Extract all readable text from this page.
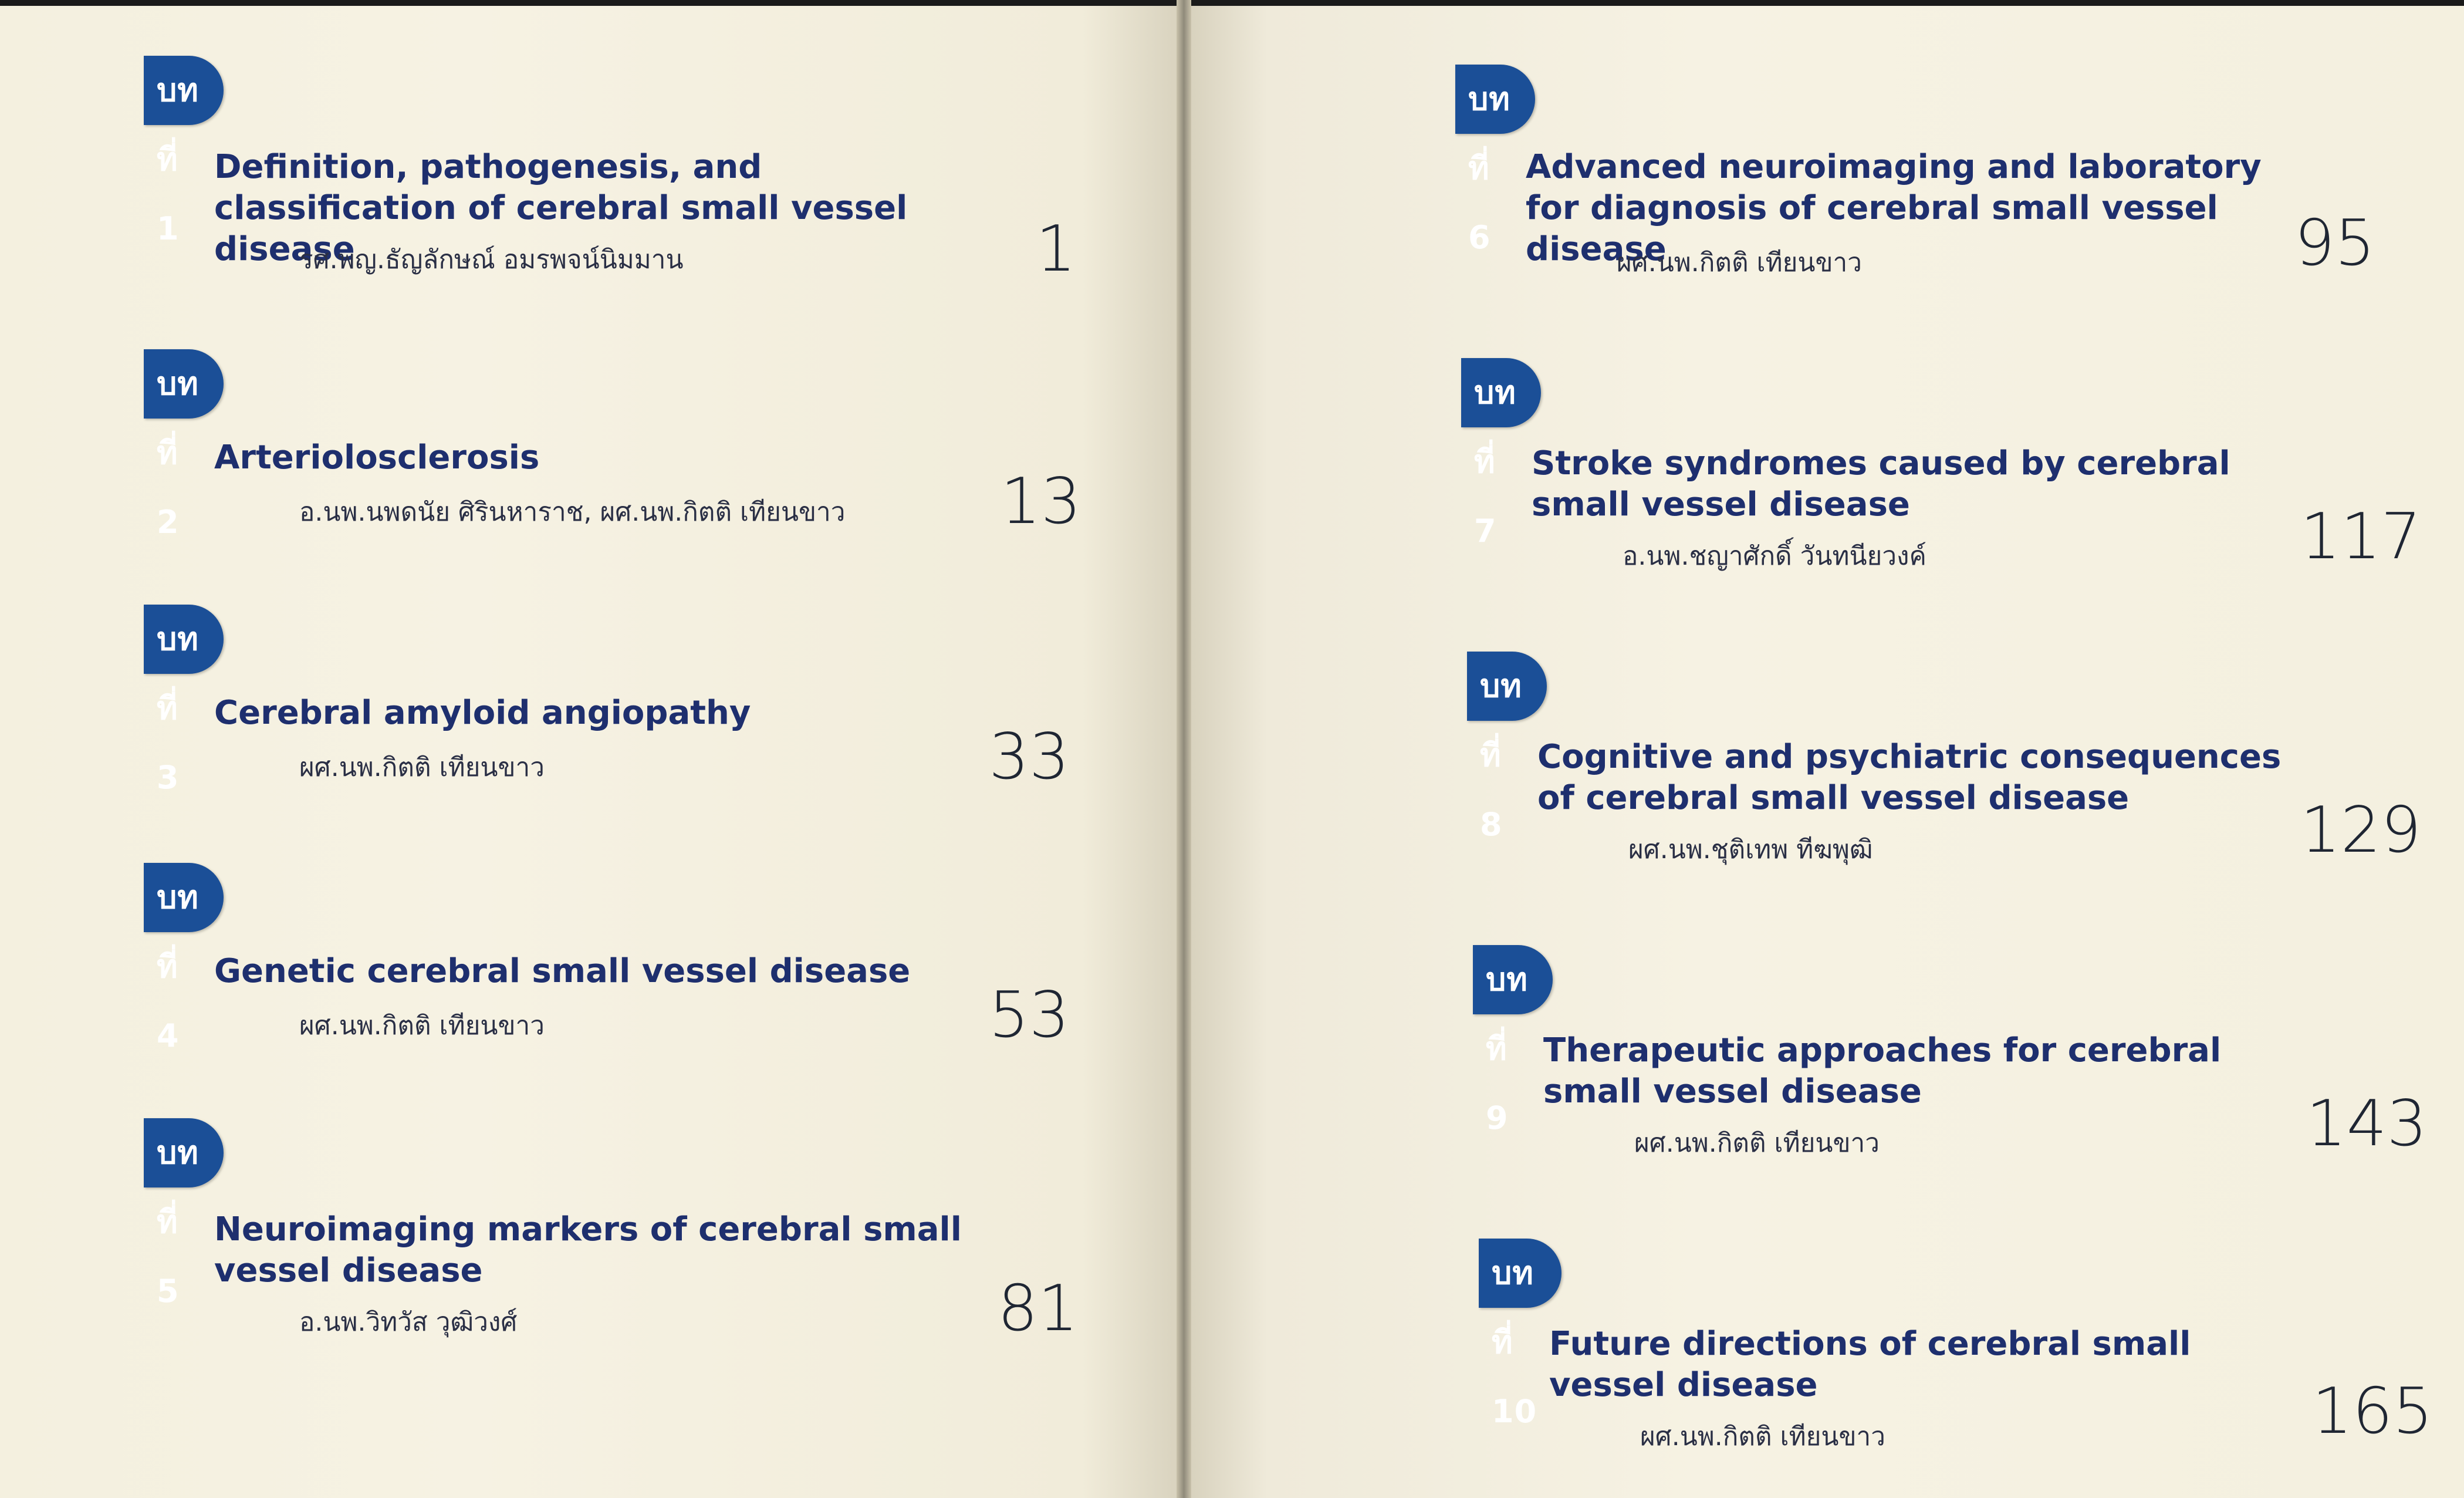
บทที่ 1
Definition, pathogenesis, and classification of cerebral small vessel disease
รศ.พญ.ธัญลักษณ์ อมรพจน์นิมมาน	1
บทที่ 2
Arteriolosclerosis
อ.นพ.นพดนัย ศิรินหาราช, ผศ.นพ.กิตติ เทียนขาว 13
บทที่ 3
Cerebral amyloid angiopathy
ผศ.นพ.กิตติ เทียนขาว	33
บทที่ 4
Genetic cerebral small vessel disease
ผศ.นพ.กิตติ เทียนขาว	53
บทที่ 5
Neuroimaging markers of cerebral small vessel disease
อ.นพ.วิทวัส วุฒิวงศ์	81
บทที่ 6
Advanced neuroimaging and laboratory for diagnosis of cerebral small vessel disease
ผศ.นพ.กิตติ เทียนขาว	95
บทที่ 7
Stroke syndromes caused by cerebral small vessel disease
อ.นพ.ชญาศักดิ์ วันทนียวงค์	117
บทที่ 8
Cognitive and psychiatric consequences of cerebral small vessel disease
ผศ.นพ.ชุติเทพ ทีฆพุฒิ	129
บทที่ 9
Therapeutic approaches for cerebral small vessel disease
ผศ.นพ.กิตติ เทียนขาว	143
บทที่ 10
Future directions of cerebral small vessel disease
ผศ.นพ.กิตติ เทียนขาว	165
